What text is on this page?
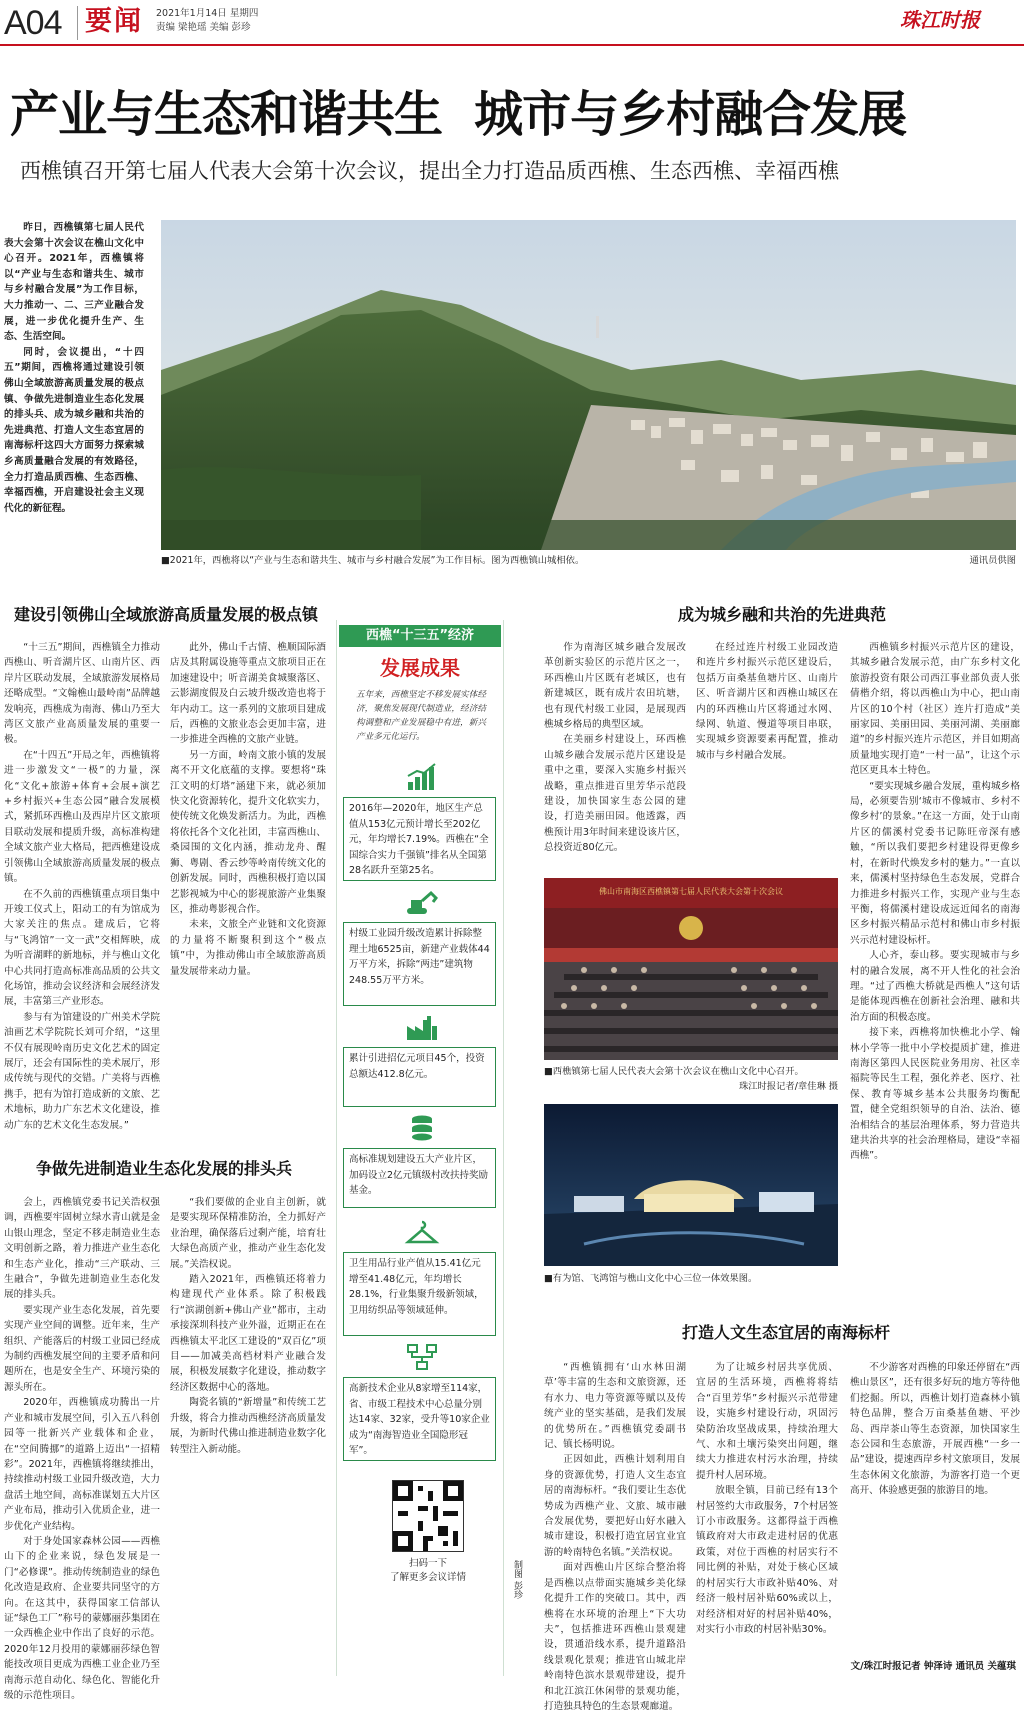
A04 要闻 2021年1月14日 星期四
责编 梁艳瑶 美编 彭珍	珠江时报
产业与生态和谐共生  城市与乡村融合发展
西樵镇召开第七届人代表大会第十次会议，提出全力打造品质西樵、生态西樵、幸福西樵

昨日，西樵镇第七届人民代表大会第十次会议在樵山文化中心召开。2021年，西樵镇将以“产业与生态和谐共生、城市与乡村融合发展”为工作目标，大力推动一、二、三产业融合发展，进一步优化提升生产、生态、生活空间。

同时，会议提出，“十四五”期间，西樵将通过建设引领佛山全域旅游高质量发展的极点镇、争做先进制造业生态化发展的排头兵、成为城乡融和共治的先进典范、打造人文生态宜居的南海标杆这四大方面努力探索城乡高质量融合发展的有效路径，全力打造品质西樵、生态西樵、幸福西樵，开启建设社会主义现代化的新征程。

■2021年，西樵将以“产业与生态和谐共生、城市与乡村融合发展”为工作目标。图为西樵镇山城相依。	通讯员供图
建设引领佛山全域旅游高质量发展的极点镇

“十三五”期间，西樵镇全力推动西樵山、听音湖片区、山南片区、西岸片区联动发展，全域旅游发展格局还略成型。“文翰樵山最岭南”品牌越发响亮，西樵成为南海、佛山乃至大湾区文旅产业高质量发展的重要一极。

在“十四五”开局之年，西樵镇将进一步激发文“一极”的力量，深化“文化+旅游+体育+会展+演艺+乡村振兴+生态公园”融合发展模式，紧抓环西樵山及西岸片区文旅项目联动发展和提质升级，高标准构建全域文旅产业大格局，把西樵建设成引领佛山全域旅游高质量发展的极点镇。

在不久前的西樵镇重点项目集中开竣工仪式上，阳动工的有为馆成为大家关注的焦点。建成后，它将与“飞鸿馆”一文一武”交相辉映，成为听音湖畔的新地标，并与樵山文化中心共同打造高标准高品质的公共文化场馆，推动会议经济和会展经济发展，丰富第三产业形态。

参与有为馆建设的广州美术学院油画艺术学院院长刘可介绍，“这里不仅有展现岭南历史文化艺术的固定展厅，还会有国际性的美术展厅，形成传统与现代的交错。广美将与西樵携手，把有为馆打造成新的文旅、艺术地标，助力广东艺术文化建设，推动广东的艺术文化生态发展。”

此外，佛山千古情、樵顺国际酒店及其附属设施等重点文旅项目正在加速建设中；听音湖美食城聚落区、云影湖度假及白云坡升级改造也将于年内动工。这一系列的文旅项目建成后，西樵的文旅业态会更加丰富，进一步推进全西樵的文旅产业链。

另一方面，岭南文旅小镇的发展离不开文化底蕴的支撑。要想将“珠江文明的灯塔”涵建下来，就必须加快文化资源转化，提升文化软实力，使传统文化焕发新活力。为此，西樵将依托各个文化社团，丰富西樵山、桑园围的文化内涵，推动龙舟、醒狮、粤剧、香云纱等岭南传统文化的创新发展。同时，西樵积极打造以国艺影视城为中心的影视旅游产业集聚区，推动粤影视合作。

未来，文旅全产业链和文化资源的力量将不断聚积到这个“极点镇”中，为推动佛山市全域旅游高质量发展带来动力量。

争做先进制造业生态化发展的排头兵

会上，西樵镇党委书记关浩权强调，西樵要牢固树立绿水青山就是金山银山理念，坚定不移走制造业生态文明创新之路，着力推进产业生态化和生态产业化，推动“三产联动、三生融合”，争做先进制造业生态化发展的排头兵。

要实现产业生态化发展，首先要实现产业空间的调整。近年来，生产组织、产能落后的村级工业园已经成为制约西樵发展空间的主要矛盾和问题所在，也是安全生产、环境污染的源头所在。

2020年，西樵镇成功腾出一片产业和城市发展空间，引入五八科创园等一批新兴产业载体和企业，在“空间腾挪”的道路上迈出“一招精彩”。2021年，西樵镇将继续推出，持续推动村级工业园升级改造，大力盘活土地空间，高标准谋划五大片区产业布局，推动引入优质企业，进一步优化产业结构。

对于身处国家森林公园——西樵山下的企业来说，绿色发展是一门“必修课”。推动传统制造业的绿色化改造是政府、企业要共同坚守的方向。在这其中，获得国家工信部认证“绿色工厂”称号的蒙娜丽莎集团在一众西樵企业中作出了良好的示范。2020年12月投用的蒙娜丽莎绿色智能技改项目更成为西樵工业企业乃至南海示范自动化、绿色化、智能化升级的示范性项目。

“我们要做的企业自主创新，就是要实现环保精准防治，全力抓好产业治理，确保落后过剩产能，培育壮大绿色高质产业，推动产业生态化发展。”关浩权说。

踏入2021年，西樵镇还将着力构建现代产业体系。除了积极践行“滨湖创新+佛山产业”都市，主动承接深圳科技产业外溢，近期正在在西樵镇太平北区工建设的“双百亿”项目——加减美高档材料产业融合发展，积极发展数字化建设，推动数字经济区数据中心的落地。

陶瓷名镇的“新增量”和传统工艺升级，将合力推动西樵经济高质量发展，为新时代佛山推进制造业数字化转型注入新动能。

西樵“十三五”经济
发展成果
五年来，西樵坚定不移发展实体经济，聚焦发展现代制造业，经济结构调整和产业发展稳中有进，新兴产业多元化运行。
2016年—2020年，地区生产总值从153亿元预计增长至202亿元，年均增长7.19%。西樵在“全国综合实力千强镇”排名从全国第28名跃升至第25名。
村级工业园升级改造累计拆除整理土地6525亩，新建产业载体44万平方米，拆除“两违”建筑物248.55万平方米。
累计引进招亿元项目45个，投资总额达412.8亿元。
高标准规划建设五大产业片区，加码设立2亿元镇级村改扶持奖励基金。
卫生用品行业产值从15.41亿元增至41.48亿元，年均增长28.1%，行业集聚升级新领域，卫用纺织品等领域延伸。
高新技术企业从8家增至114家，省、市级工程技术中心总量分别达14家、32家，受升等10家企业成为“南海智造业全国隐形冠军”。
扫码一下
了解更多会议详情	制图 彭珍
成为城乡融和共治的先进典范

作为南海区城乡融合发展改革创新实验区的示范片区之一，环西樵山片区既有老城区，也有新建城区，既有成片农田坑塘，也有现代村级工业园，是展现西樵城乡格局的典型区域。

在美丽乡村建设上，环西樵山城乡融合发展示范片区建设是重中之重，要深入实施乡村振兴战略，重点推进百里芳华示范段建设，加快国家生态公园的建设，打造美丽田园。他透露，西樵预计用3年时间来建设该片区，总投资近80亿元。

在经过连片村级工业园改造和连片乡村振兴示范区建设后，包括万亩桑基鱼塘片区、山南片区、听音湖片区和西樵山城区在内的环西樵山片区将通过水网、绿网、轨道、慢道等项目串联，实现城乡资源要素再配置，推动城市与乡村融合发展。

西樵镇乡村振兴示范片区的建设，其城乡融合发展示范，由广东乡村文化旅游投资有限公司西江事业部负责人张倩楷介绍，将以西樵山为中心，把山南片区的10个村（社区）连片打造成“美丽家园、美丽田园、美丽河湖、美丽廊道”的乡村振兴连片示范区，并目如期高质量地实现打造“一村一品”，让这个示范区更具本土特色。

“要实现城乡融合发展，重构城乡格局，必须要告别‘城市不像城市、乡村不像乡村’的景象。”在这一方面，处于山南片区的儒溪村党委书记陈旺帝深有感触，“所以我们要把乡村建设得更像乡村，在新时代焕发乡村的魅力。”一直以来，儒溪村坚持绿色生态发展，党群合力推进乡村振兴工作，实现产业与生态平衡，将儒溪村建设成远近闻名的南海区乡村振兴精品示范村和佛山市乡村振兴示范村建设标杆。

人心齐，泰山移。要实现城市与乡村的融合发展，离不开人性化的社会治理。“过了西樵大桥就是西樵人”这句话是能体现西樵在创新社会治理、融和共治方面的积极态度。

接下来，西樵将加快樵北小学、翰林小学等一批中小学校提质扩建，推进南海区第四人民医院业务用房、社区幸福院等民生工程，强化养老、医疗、社保、教育等城乡基本公共服务均衡配置，健全党组织领导的自治、法治、德治相结合的基层治理体系，努力营造共建共治共享的社会治理格局，建设“幸福西樵”。

佛山市南海区西樵镇第七届人民代表大会第十次会议
■西樵镇第七届人民代表大会第十次会议在樵山文化中心召开。
珠江时报记者/章佳琳 摄
■有为馆、飞鸿馆与樵山文化中心三位一体效果图。
打造人文生态宜居的南海标杆

“西樵镇拥有‘山水林田湖草’等丰富的生态和文旅资源，还有水力、电力等资源等赋以及传统产业的坚实基础，是我们发展的优势所在。”西樵镇党委副书记、镇长杨明说。

正因如此，西樵计划利用自身的资源优势，打造人文生态宜居的南海标杆。“我们要让生态优势成为西樵产业、文旅、城市融合发展优势，要把好山好水融入城市建设，积极打造宜居宜业宜游的岭南特色名镇。”关浩权说。

面对西樵山片区综合整治将是西樵以点带面实施城乡美化绿化提升工作的突破口。其中，西樵将在水环境的治理上“下大功夫”，包括推进环西樵山景观建设，贯通沿线水系，提升道路沿线景观化景观；推进官山城北岸岭南特色滨水景观带建设，提升和北江滨江休闲带的景观功能，打造独具特色的生态景观廊道。

为了让城乡村居共享优质、宜居的生活环境，西樵将将结合“百里芳华”乡村振兴示范带建设，实施乡村建设行动，巩固污染防治攻坚战成果，持续治理大气、水和土壤污染突出问题，继续大力推进农村污水治理，持续提升村人居环境。

放眼全镇，目前已经有13个村居签约大市政服务，7个村居签订小市政服务。这都得益于西樵镇政府对大市政走进村居的优惠政策，对位于西樵的村居实行不同比例的补贴，对处于核心区域的村居实行大市政补贴40%、对经济一般村居补贴60%或以上，对经济相对好的村居补贴40%，对实行小市政的村居补贴30%。

不少游客对西樵的印象还停留在“西樵山景区”，还有很多好玩的地方等待他们挖掘。所以，西樵计划打造森林小镇特色品牌，整合万亩桑基鱼塘、平沙岛、西岸茶山等生态资源，加快国家生态公园和生态旅游，开展西樵“一乡一品”建设，提速西岸乡村文旅项目，发展生态休闲文化旅游，为游客打造一个更高开、体验感更强的旅游目的地。

文/珠江时报记者 钟泽诗 通讯员 关蕴琪
